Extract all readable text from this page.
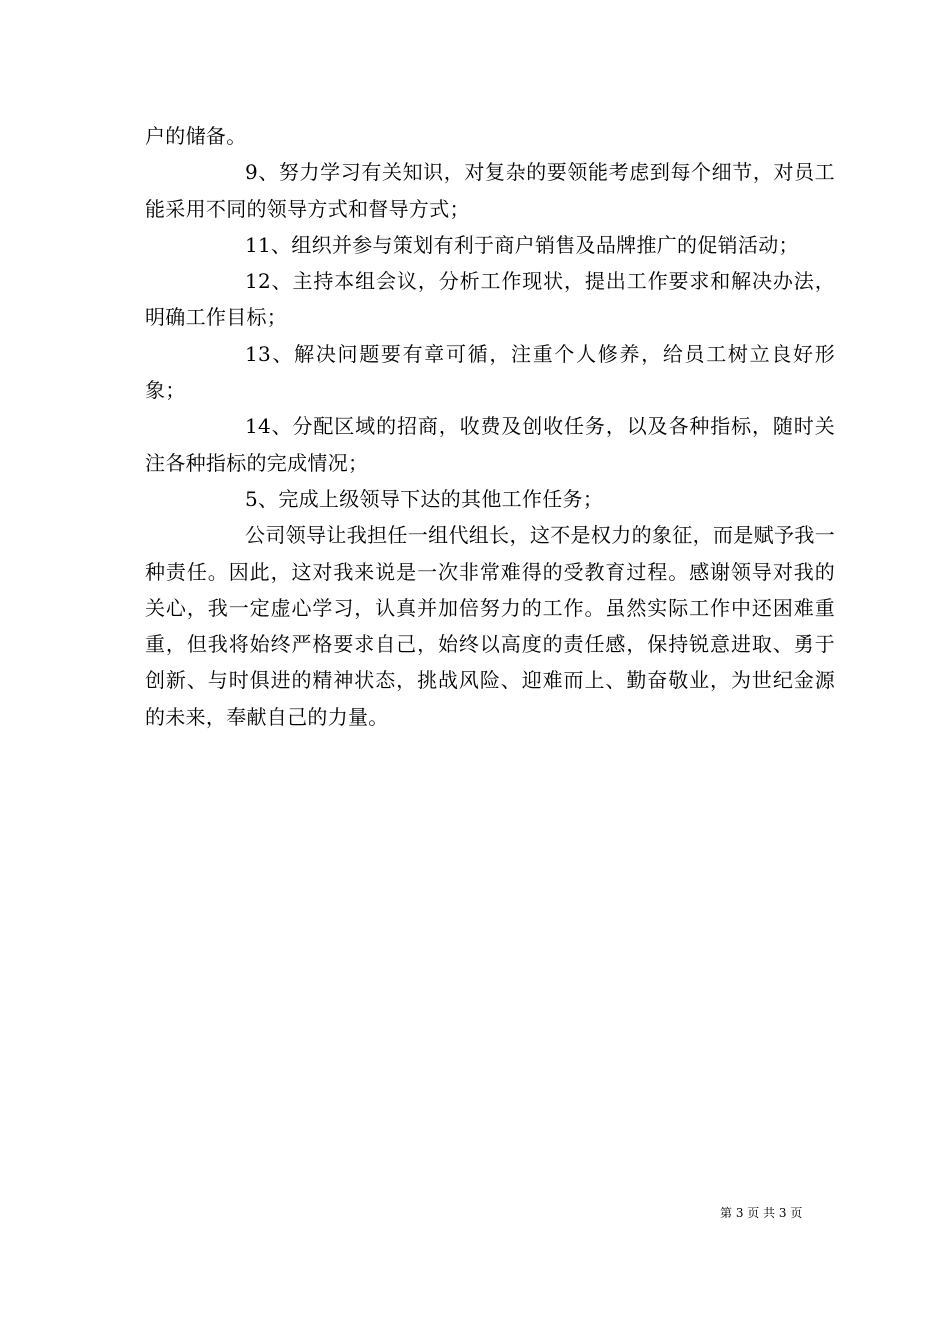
户的储备。

9、努力学习有关知识，对复杂的要领能考虑到每个细节，对员工能采用不同的领导方式和督导方式；

11、组织并参与策划有利于商户销售及品牌推广的促销活动；

12、主持本组会议，分析工作现状，提出工作要求和解决办法，明确工作目标；

13、解决问题要有章可循，注重个人修养，给员工树立良好形象；

14、分配区域的招商，收费及创收任务，以及各种指标，随时关注各种指标的完成情况；

5、完成上级领导下达的其他工作任务；

公司领导让我担任一组代组长，这不是权力的象征，而是赋予我一种责任。因此，这对我来说是一次非常难得的受教育过程。感谢领导对我的关心，我一定虚心学习，认真并加倍努力的工作。虽然实际工作中还困难重重，但我将始终严格要求自己，始终以高度的责任感，保持锐意进取、勇于创新、与时俱进的精神状态，挑战风险、迎难而上、勤奋敬业，为世纪金源的未来，奉献自己的力量。

第 3 页 共 3 页
